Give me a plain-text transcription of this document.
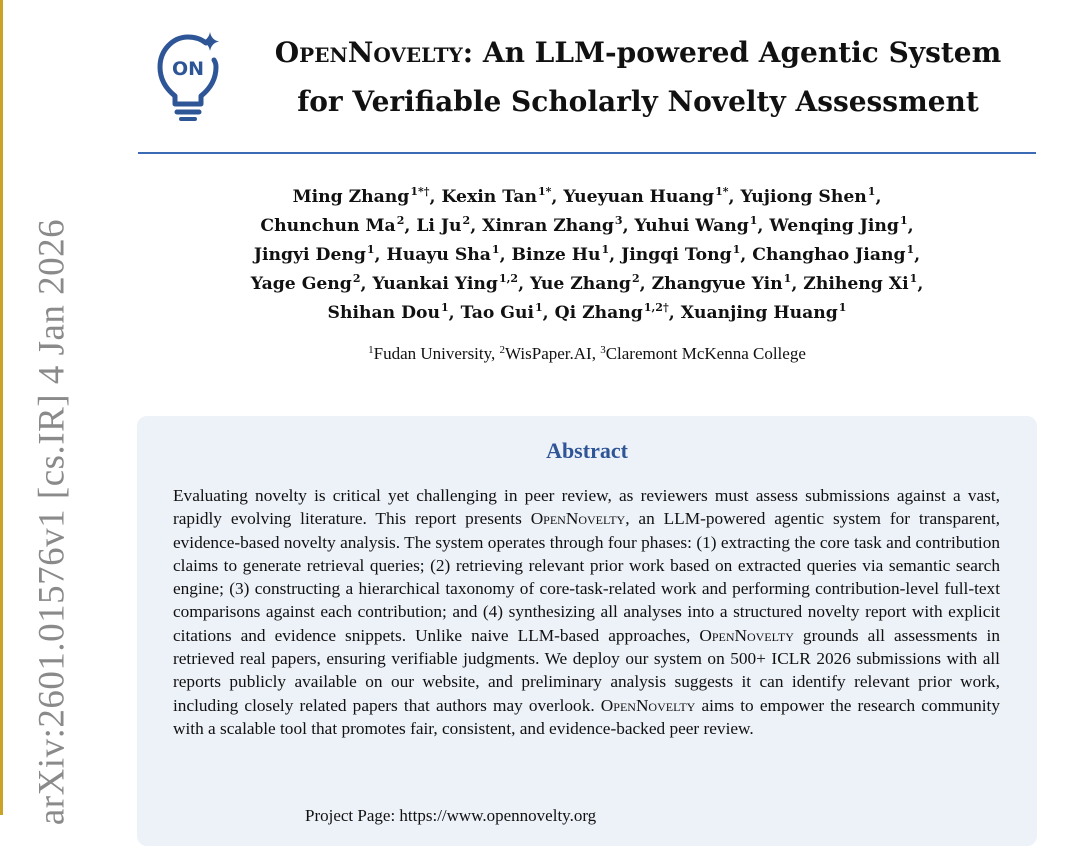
arXiv:2601.01576v1 [cs.IR] 4 Jan 2026
ON	OpenNovelty: An LLM-powered Agentic System
for Verifiable Scholarly Novelty Assessment
Ming Zhang$^{1*\dagger}$, Kexin Tan$^{1*}$, Yueyuan Huang$^{1*}$, Yujiong Shen$^1$,
Chunchun Ma$^2$, Li Ju$^2$, Xinran Zhang$^3$, Yuhui Wang$^1$, Wenqing Jing$^1$,
Jingyi Deng$^1$, Huayu Sha$^1$, Binze Hu$^1$, Jingqi Tong$^1$, Changhao Jiang$^1$,
Yage Geng$^2$, Yuankai Ying$^{1,2}$, Yue Zhang$^2$, Zhangyue Yin$^1$, Zhiheng Xi$^1$,
Shihan Dou$^1$, Tao Gui$^1$, Qi Zhang$^{1,2\dagger}$, Xuanjing Huang$^1$
$^1$Fudan University, $^2$WisPaper.AI, $^3$Claremont McKenna College
Abstract
Evaluating novelty is critical yet challenging in peer review, as reviewers must assess submissions against a vast, rapidly evolving literature. This report presents OpenNovelty, an LLM-powered agentic system for transparent, evidence-based novelty analysis. The system operates through four phases: (1) extracting the core task and contribution claims to generate retrieval queries; (2) retrieving relevant prior work based on extracted queries via semantic search engine; (3) constructing a hierarchical taxonomy of core-task-related work and performing contribution-level full-text comparisons against each contribution; and (4) synthesizing all analyses into a structured novelty report with explicit citations and evidence snippets. Unlike naive LLM-based approaches, OpenNovelty grounds all assessments in retrieved real papers, ensuring verifiable judgments. We deploy our system on 500+ ICLR 2026 submissions with all reports publicly available on our website, and preliminary analysis suggests it can identify relevant prior work, including closely related papers that authors may overlook. OpenNovelty aims to empower the research community with a scalable tool that promotes fair, consistent, and evidence-backed peer review.
Project Page: https://www.opennovelty.org
